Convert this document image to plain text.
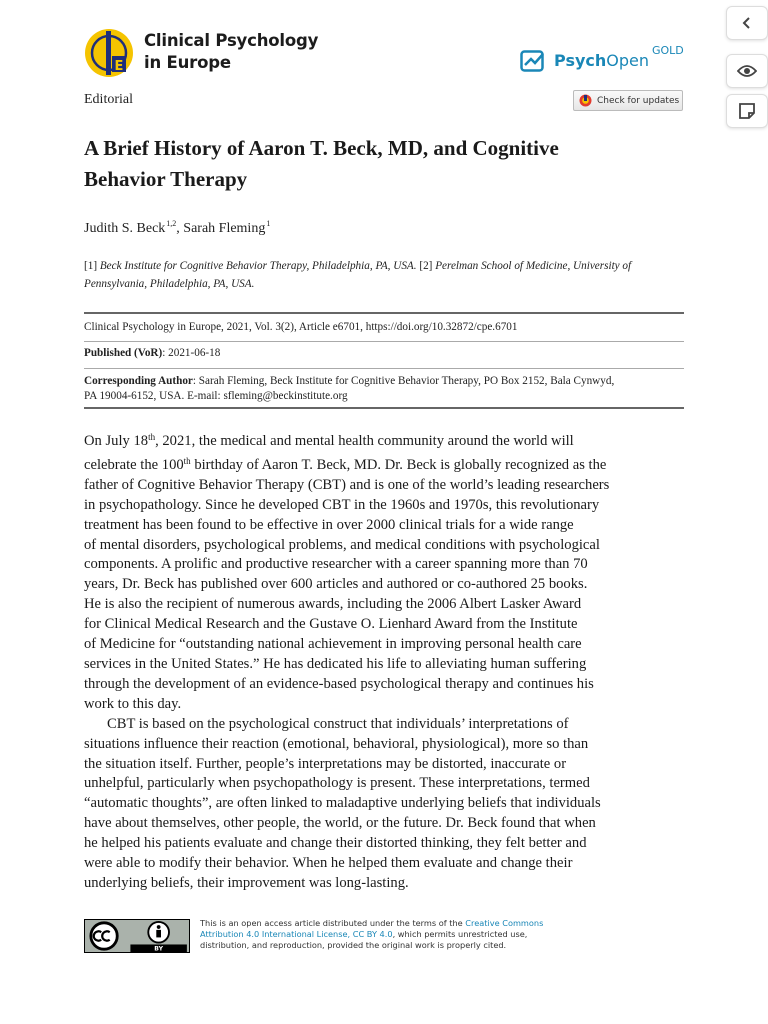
E
Clinical Psychology
in Europe	PsychOpen
GOLD
Editorial	Check for updates
A Brief History of Aaron T. Beck, MD, and Cognitive
Behavior Therapy
Judith S. Beck$^{1,2}$, Sarah Fleming$^1$
[1] Beck Institute for Cognitive Behavior Therapy, Philadelphia, PA, USA. [2] Perelman School of Medicine, University of
Pennsylvania, Philadelphia, PA, USA.
Clinical Psychology in Europe, 2021, Vol. 3(2), Article e6701, https://doi.org/10.32872/cpe.6701
Published (VoR): 2021-06-18
Corresponding Author: Sarah Fleming, Beck Institute for Cognitive Behavior Therapy, PO Box 2152, Bala Cynwyd,
PA 19004-6152, USA. E-mail: sfleming@beckinstitute.org

On July 18th, 2021, the medical and mental health community around the world will

celebrate the 100th birthday of Aaron T. Beck, MD. Dr. Beck is globally recognized as the

father of Cognitive Behavior Therapy (CBT) and is one of the world’s leading researchers

in psychopathology. Since he developed CBT in the 1960s and 1970s, this revolutionary

treatment has been found to be effective in over 2000 clinical trials for a wide range

of mental disorders, psychological problems, and medical conditions with psychological

components. A prolific and productive researcher with a career spanning more than 70

years, Dr. Beck has published over 600 articles and authored or co-authored 25 books.

He is also the recipient of numerous awards, including the 2006 Albert Lasker Award

for Clinical Medical Research and the Gustave O. Lienhard Award from the Institute

of Medicine for “outstanding national achievement in improving personal health care

services in the United States.” He has dedicated his life to alleviating human suffering

through the development of an evidence-based psychological therapy and continues his

work to this day.

CBT is based on the psychological construct that individuals’ interpretations of

situations influence their reaction (emotional, behavioral, physiological), more so than

the situation itself. Further, people’s interpretations may be distorted, inaccurate or

unhelpful, particularly when psychopathology is present. These interpretations, termed

“automatic thoughts”, are often linked to maladaptive underlying beliefs that individuals

have about themselves, other people, the world, or the future. Dr. Beck found that when

he helped his patients evaluate and change their distorted thinking, they felt better and

were able to modify their behavior. When he helped them evaluate and change their

underlying beliefs, their improvement was long-lasting.

BY
This is an open access article distributed under the terms of the Creative Commons
Attribution 4.0 International License, CC BY 4.0, which permits unrestricted use,
distribution, and reproduction, provided the original work is properly cited.
